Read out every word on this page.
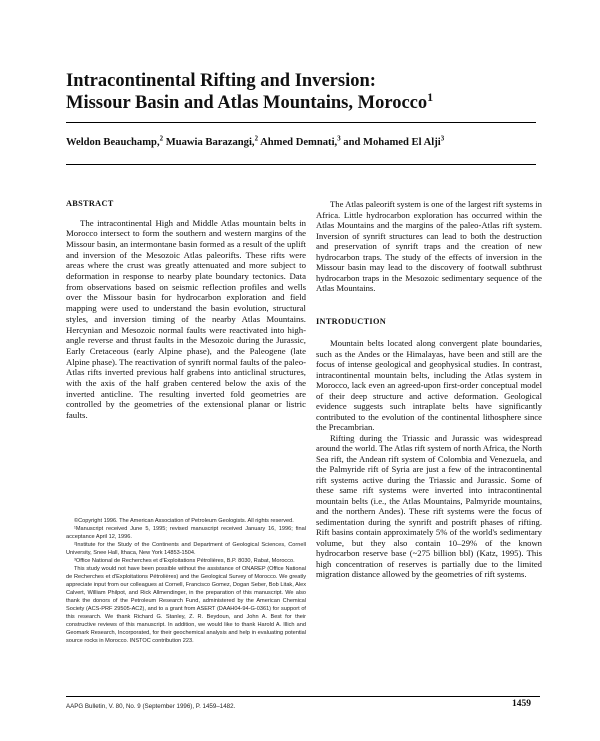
Intracontinental Rifting and Inversion:
Missour Basin and Atlas Mountains, Morocco$^1$
Weldon Beauchamp,$^2$ Muawia Barazangi,$^2$ Ahmed Demnati,$^3$ and Mohamed El Alji$^3$

ABSTRACT

The intracontinental High and Middle Atlas mountain belts in Morocco intersect to form the southern and western margins of the Missour basin, an intermontane basin formed as a result of the uplift and inversion of the Mesozoic Atlas paleorifts. These rifts were areas where the crust was greatly attenuated and more subject to deformation in response to nearby plate boundary tectonics. Data from observations based on seismic reflection profiles and wells over the Missour basin for hydrocarbon exploration and field mapping were used to understand the basin evolution, structural styles, and inversion timing of the nearby Atlas Mountains. Hercynian and Mesozoic normal faults were reactivated into high-angle reverse and thrust faults in the Mesozoic during the Jurassic, Early Cretaceous (early Alpine phase), and the Paleogene (late Alpine phase). The reactivation of synrift normal faults of the paleo-Atlas rifts inverted previous half grabens into anticlinal structures, with the axis of the half graben centered below the axis of the inverted anticline. The resulting inverted fold geometries are controlled by the geometries of the extensional planar or listric faults.

©Copyright 1996. The American Association of Petroleum Geologists. All rights reserved.

¹Manuscript received June 5, 1995; revised manuscript received January 16, 1996; final acceptance April 12, 1996.

²Institute for the Study of the Continents and Department of Geological Sciences, Cornell University, Snee Hall, Ithaca, New York 14853-1504.

³Office National de Recherches et d'Exploitations Pétrolières, B.P. 8030, Rabat, Morocco.

This study would not have been possible without the assistance of ONAREP (Office National de Recherches et d'Exploitations Pétrolières) and the Geological Survey of Morocco. We greatly appreciate input from our colleagues at Cornell, Francisco Gomez, Dogan Seber, Bob Litak, Alex Calvert, William Philpot, and Rick Allmendinger, in the preparation of this manuscript. We also thank the donors of the Petroleum Research Fund, administered by the American Chemical Society (ACS-PRF 29505-AC2), and to a grant from ASERT (DAAH04-94-G-0361) for support of this research. We thank Richard G. Stanley, Z. R. Beydoun, and John A. Best for their constructive reviews of this manuscript. In addition, we would like to thank Harold A. Illich and Geomark Research, Incorporated, for their geochemical analysis and help in evaluating potential source rocks in Morocco. INSTOC contribution 223.

The Atlas paleorift system is one of the largest rift systems in Africa. Little hydrocarbon exploration has occurred within the Atlas Mountains and the margins of the paleo-Atlas rift system. Inversion of synrift structures can lead to both the destruction and preservation of synrift traps and the creation of new hydrocarbon traps. The study of the effects of inversion in the Missour basin may lead to the discovery of footwall subthrust hydrocarbon traps in the Mesozoic sedimentary sequence of the Atlas Mountains.

INTRODUCTION

Mountain belts located along convergent plate boundaries, such as the Andes or the Himalayas, have been and still are the focus of intense geological and geophysical studies. In contrast, intracontinental mountain belts, including the Atlas system in Morocco, lack even an agreed-upon first-order conceptual model of their deep structure and active deformation. Geological evidence suggests such intraplate belts have significantly contributed to the evolution of the continental lithosphere since the Precambrian.

Rifting during the Triassic and Jurassic was widespread around the world. The Atlas rift system of north Africa, the North Sea rift, the Andean rift system of Colombia and Venezuela, and the Palmyride rift of Syria are just a few of the intracontinental rift systems active during the Triassic and Jurassic. Some of these same rift systems were inverted into intracontinental mountain belts (i.e., the Atlas Mountains, Palmyride mountains, and the northern Andes). These rift systems were the focus of sedimentation during the synrift and postrift phases of rifting. Rift basins contain approximately 5% of the world's sedimentary volume, but they also contain 10–29% of the known hydrocarbon reserve base (~275 billion bbl) (Katz, 1995). This high concentration of reserves is partially due to the limited migration distance allowed by the geometries of rift systems.

AAPG Bulletin, V. 80, No. 9 (September 1996), P. 1459–1482.	1459
